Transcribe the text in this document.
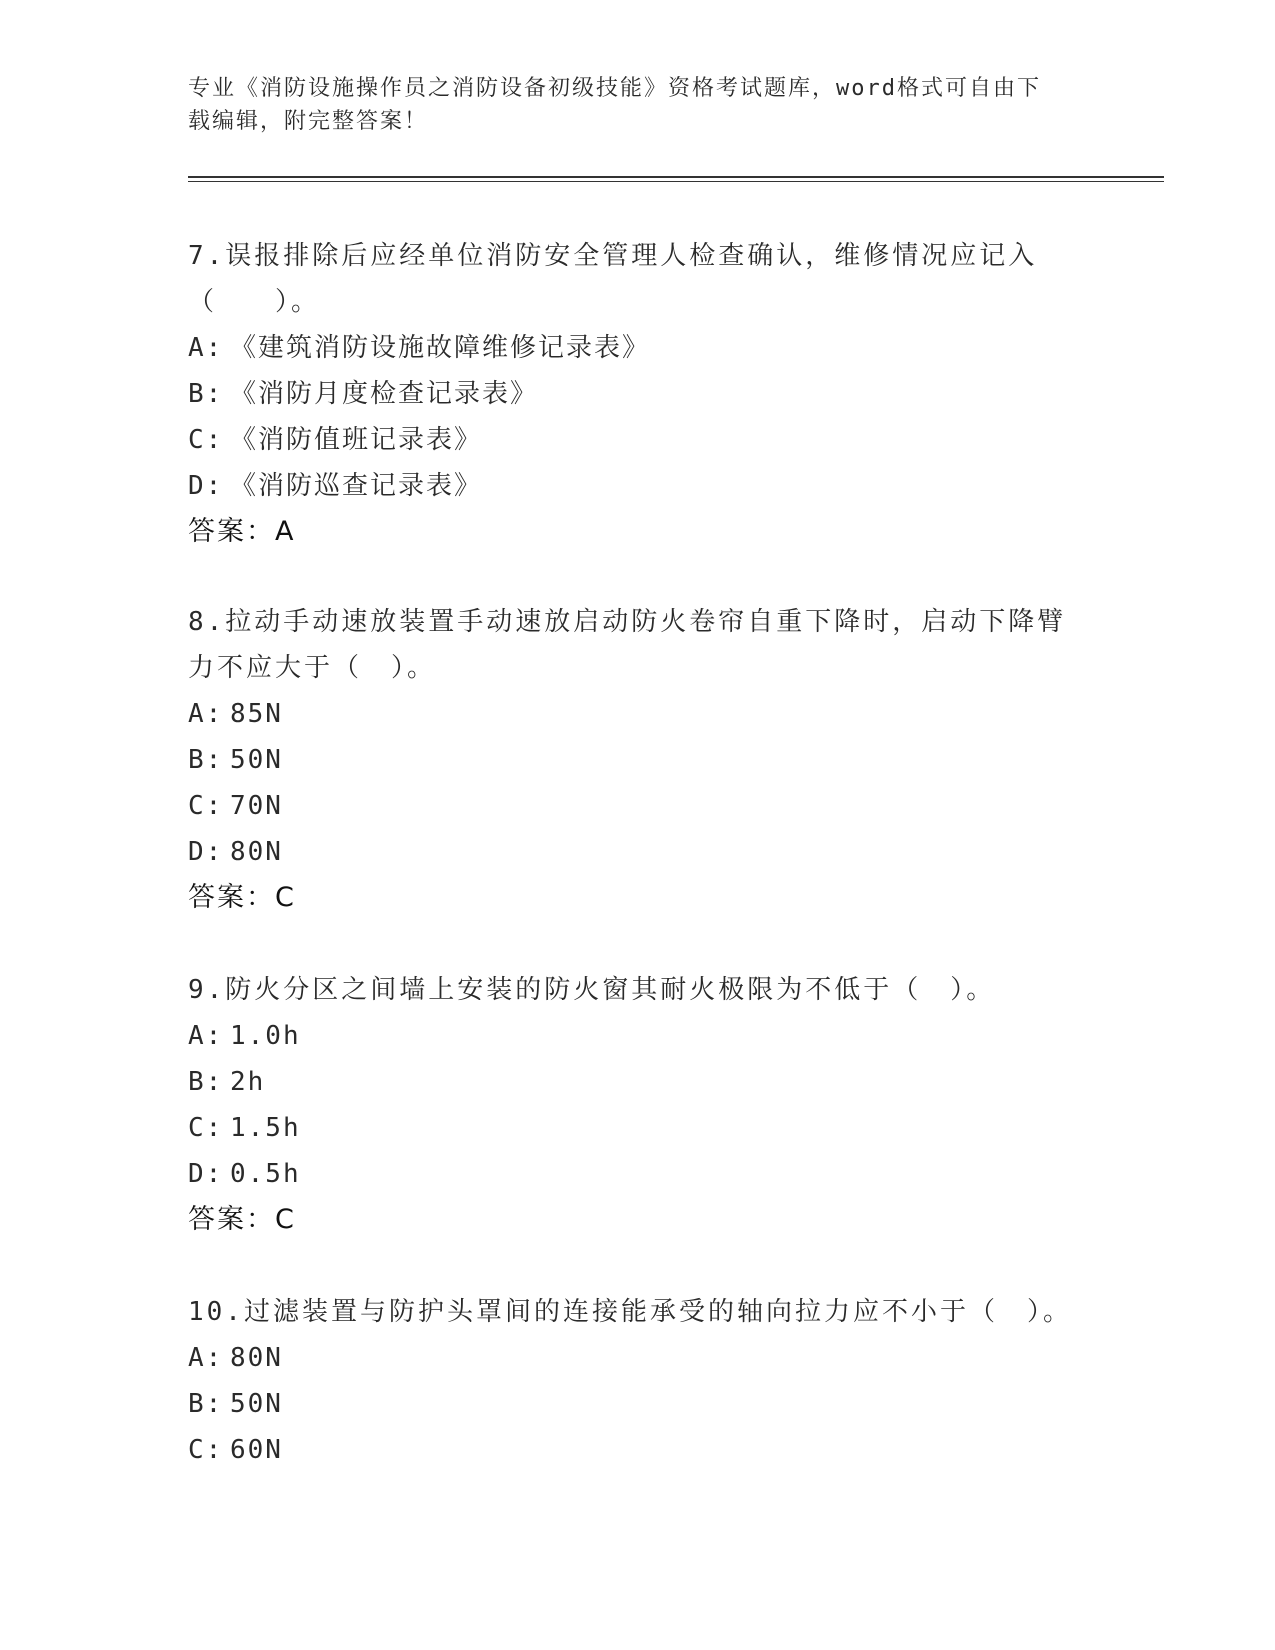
专业《消防设施操作员之消防设备初级技能》资格考试题库，word格式可自由下
载编辑，附完整答案！

7.误报排除后应经单位消防安全管理人检查确认，维修情况应记入（　　）。

A: 《建筑消防设施故障维修记录表》

B: 《消防月度检查记录表》

C: 《消防值班记录表》

D: 《消防巡查记录表》

答案：A

8.拉动手动速放装置手动速放启动防火卷帘自重下降时，启动下降臂力不应大于（　）。

A: 85N

B: 50N

C: 70N

D: 80N

答案：C

9.防火分区之间墙上安装的防火窗其耐火极限为不低于（　）。

A: 1.0h

B: 2h

C: 1.5h

D: 0.5h

答案：C

10.过滤装置与防护头罩间的连接能承受的轴向拉力应不小于（　）。

A: 80N

B: 50N

C: 60N
